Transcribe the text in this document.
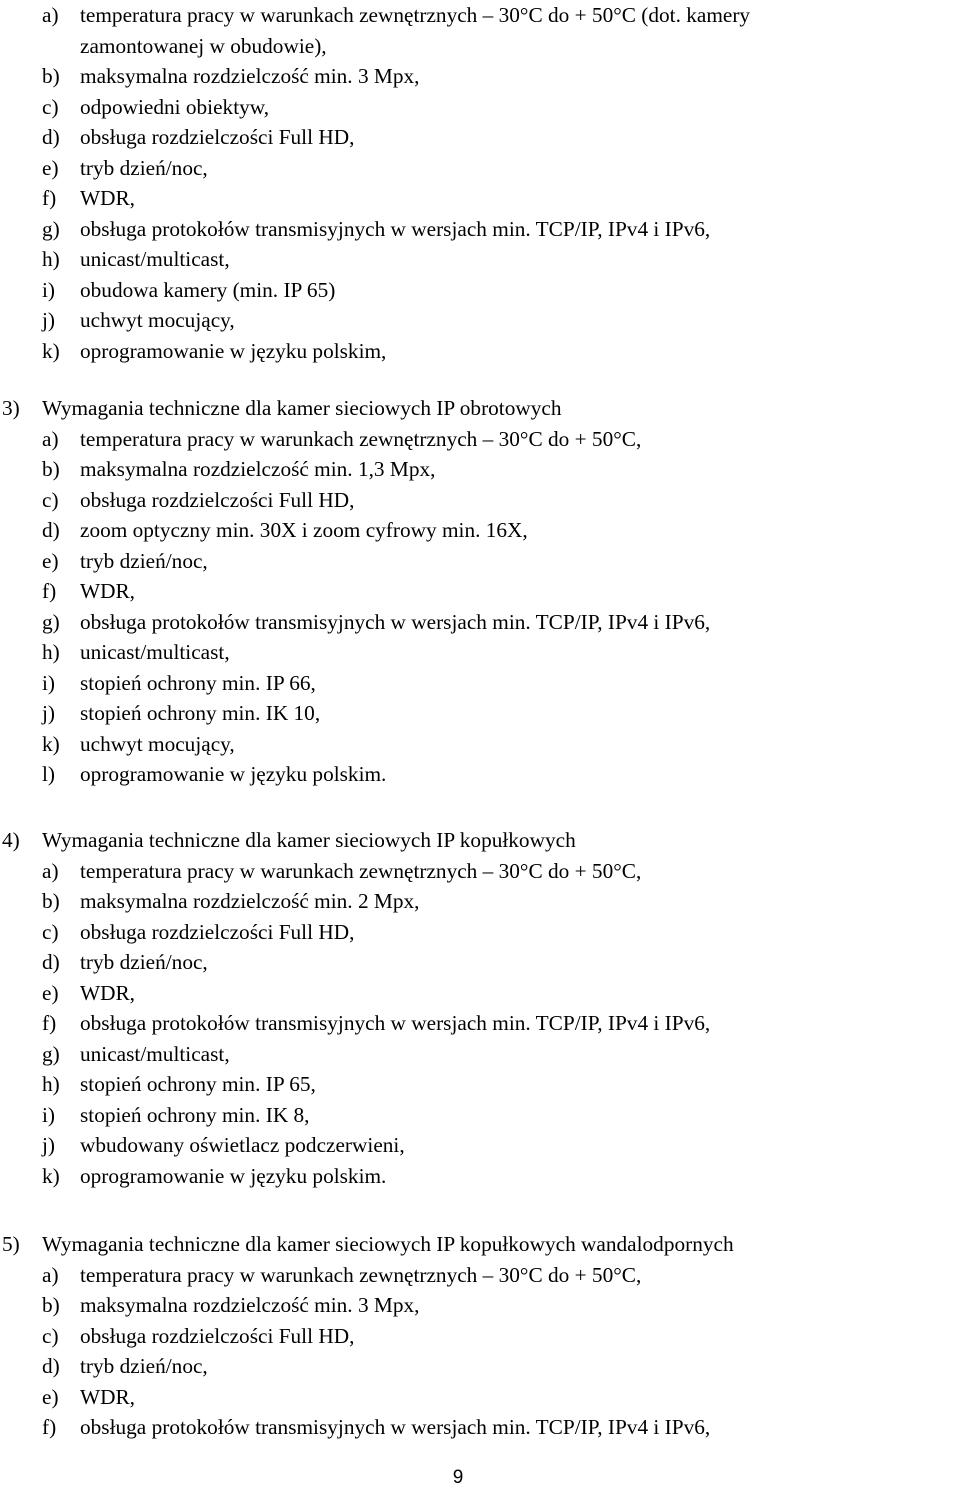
a)	temperatura pracy w warunkach zewnętrznych – 30°C do + 50°C (dot. kamery
zamontowanej w obudowie),
b) maksymalna rozdzielczość min. 3 Mpx,
c)	odpowiedni obiektyw,
d) obsługa rozdzielczości Full HD,
e)	tryb dzień/noc,
f)	WDR,
g) obsługa protokołów transmisyjnych w wersjach min. TCP/IP, IPv4 i IPv6,
h) unicast/multicast,
i)	obudowa kamery (min. IP 65)
j)	uchwyt mocujący,
k) oprogramowanie w języku polskim,
3)	Wymagania techniczne dla kamer sieciowych IP obrotowych
a)	temperatura pracy w warunkach zewnętrznych – 30°C do + 50°C,
b) maksymalna rozdzielczość min. 1,3 Mpx,
c)	obsługa rozdzielczości Full HD,
d) zoom optyczny min. 30X i zoom cyfrowy min. 16X,
e)	tryb dzień/noc,
f)	WDR,
g) obsługa protokołów transmisyjnych w wersjach min. TCP/IP, IPv4 i IPv6,
h) unicast/multicast,
i)	stopień ochrony min. IP 66,
j)	stopień ochrony min. IK 10,
k) uchwyt mocujący,
l)	oprogramowanie w języku polskim.
4)	Wymagania techniczne dla kamer sieciowych IP kopułkowych
a)	temperatura pracy w warunkach zewnętrznych – 30°C do + 50°C,
b) maksymalna rozdzielczość min. 2 Mpx,
c)	obsługa rozdzielczości Full HD,
d) tryb dzień/noc,
e)	WDR,
f)	obsługa protokołów transmisyjnych w wersjach min. TCP/IP, IPv4 i IPv6,
g) unicast/multicast,
h) stopień ochrony min. IP 65,
i)	stopień ochrony min. IK 8,
j)	wbudowany oświetlacz podczerwieni,
k) oprogramowanie w języku polskim.
5)	Wymagania techniczne dla kamer sieciowych IP kopułkowych wandalodpornych
a)	temperatura pracy w warunkach zewnętrznych – 30°C do + 50°C,
b) maksymalna rozdzielczość min. 3 Mpx,
c)	obsługa rozdzielczości Full HD,
d) tryb dzień/noc,
e)	WDR,
f)	obsługa protokołów transmisyjnych w wersjach min. TCP/IP, IPv4 i IPv6,
9
